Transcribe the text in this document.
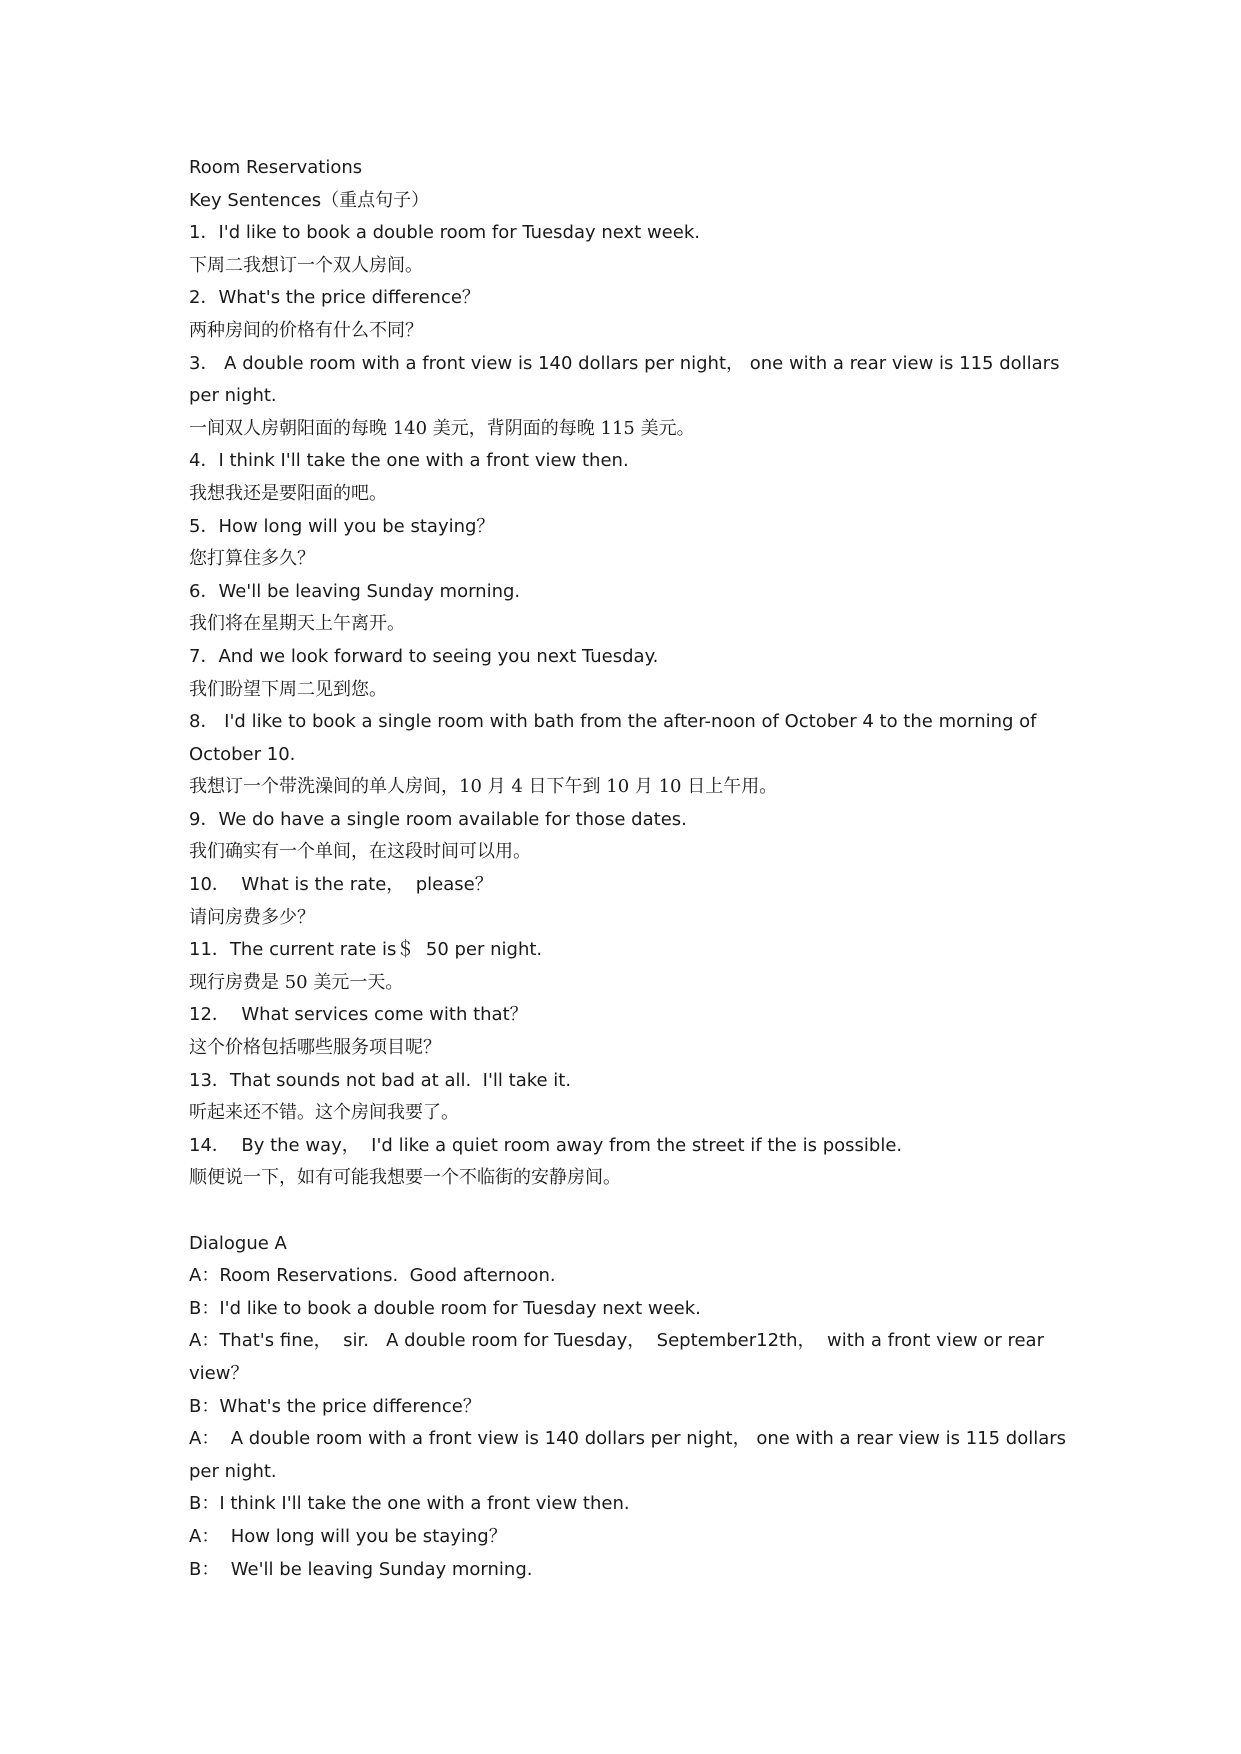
Room Reservations
Key Sentences（重点句子）
1．I'd like to book a double room for Tuesday next week.
下周二我想订一个双人房间。
2．What's the price difference？
两种房间的价格有什么不同？
3． A double room with a front view is 140 dollars per night， one with a rear view is 115 dollars
per night.
一间双人房朝阳面的每晚 140 美元，背阴面的每晚 115 美元。
4．I think I'll take the one with a front view then.
我想我还是要阳面的吧。
5．How long will you be staying？
您打算住多久？
6．We'll be leaving Sunday morning.
我们将在星期天上午离开。
7．And we look forward to seeing you next Tuesday.
我们盼望下周二见到您。
8． I'd like to book a single room with bath from the after-noon of October 4 to the morning of
October 10.
我想订一个带洗澡间的单人房间，10 月 4 日下午到 10 月 10 日上午用。
9．We do have a single room available for those dates.
我们确实有一个单间，在这段时间可以用。
10．  What is the rate，  please？
请问房费多少？
11．The current rate is＄  50 per night.
现行房费是 50 美元一天。
12．  What services come with that？
这个价格包括哪些服务项目呢？
13．That sounds not bad at all.  I'll take it.
听起来还不错。这个房间我要了。
14．  By the way，  I'd like a quiet room away from the street if the is possible.
顺便说一下，如有可能我想要一个不临街的安静房间。
Dialogue A
A：Room Reservations.  Good afternoon.
B：I'd like to book a double room for Tuesday next week.
A：That's fine，  sir.   A double room for Tuesday，  September12th，  with a front view or rear
view？
B：What's the price difference？
A：  A double room with a front view is 140 dollars per night， one with a rear view is 115 dollars
per night.
B：I think I'll take the one with a front view then.
A：  How long will you be staying？
B：  We'll be leaving Sunday morning.
